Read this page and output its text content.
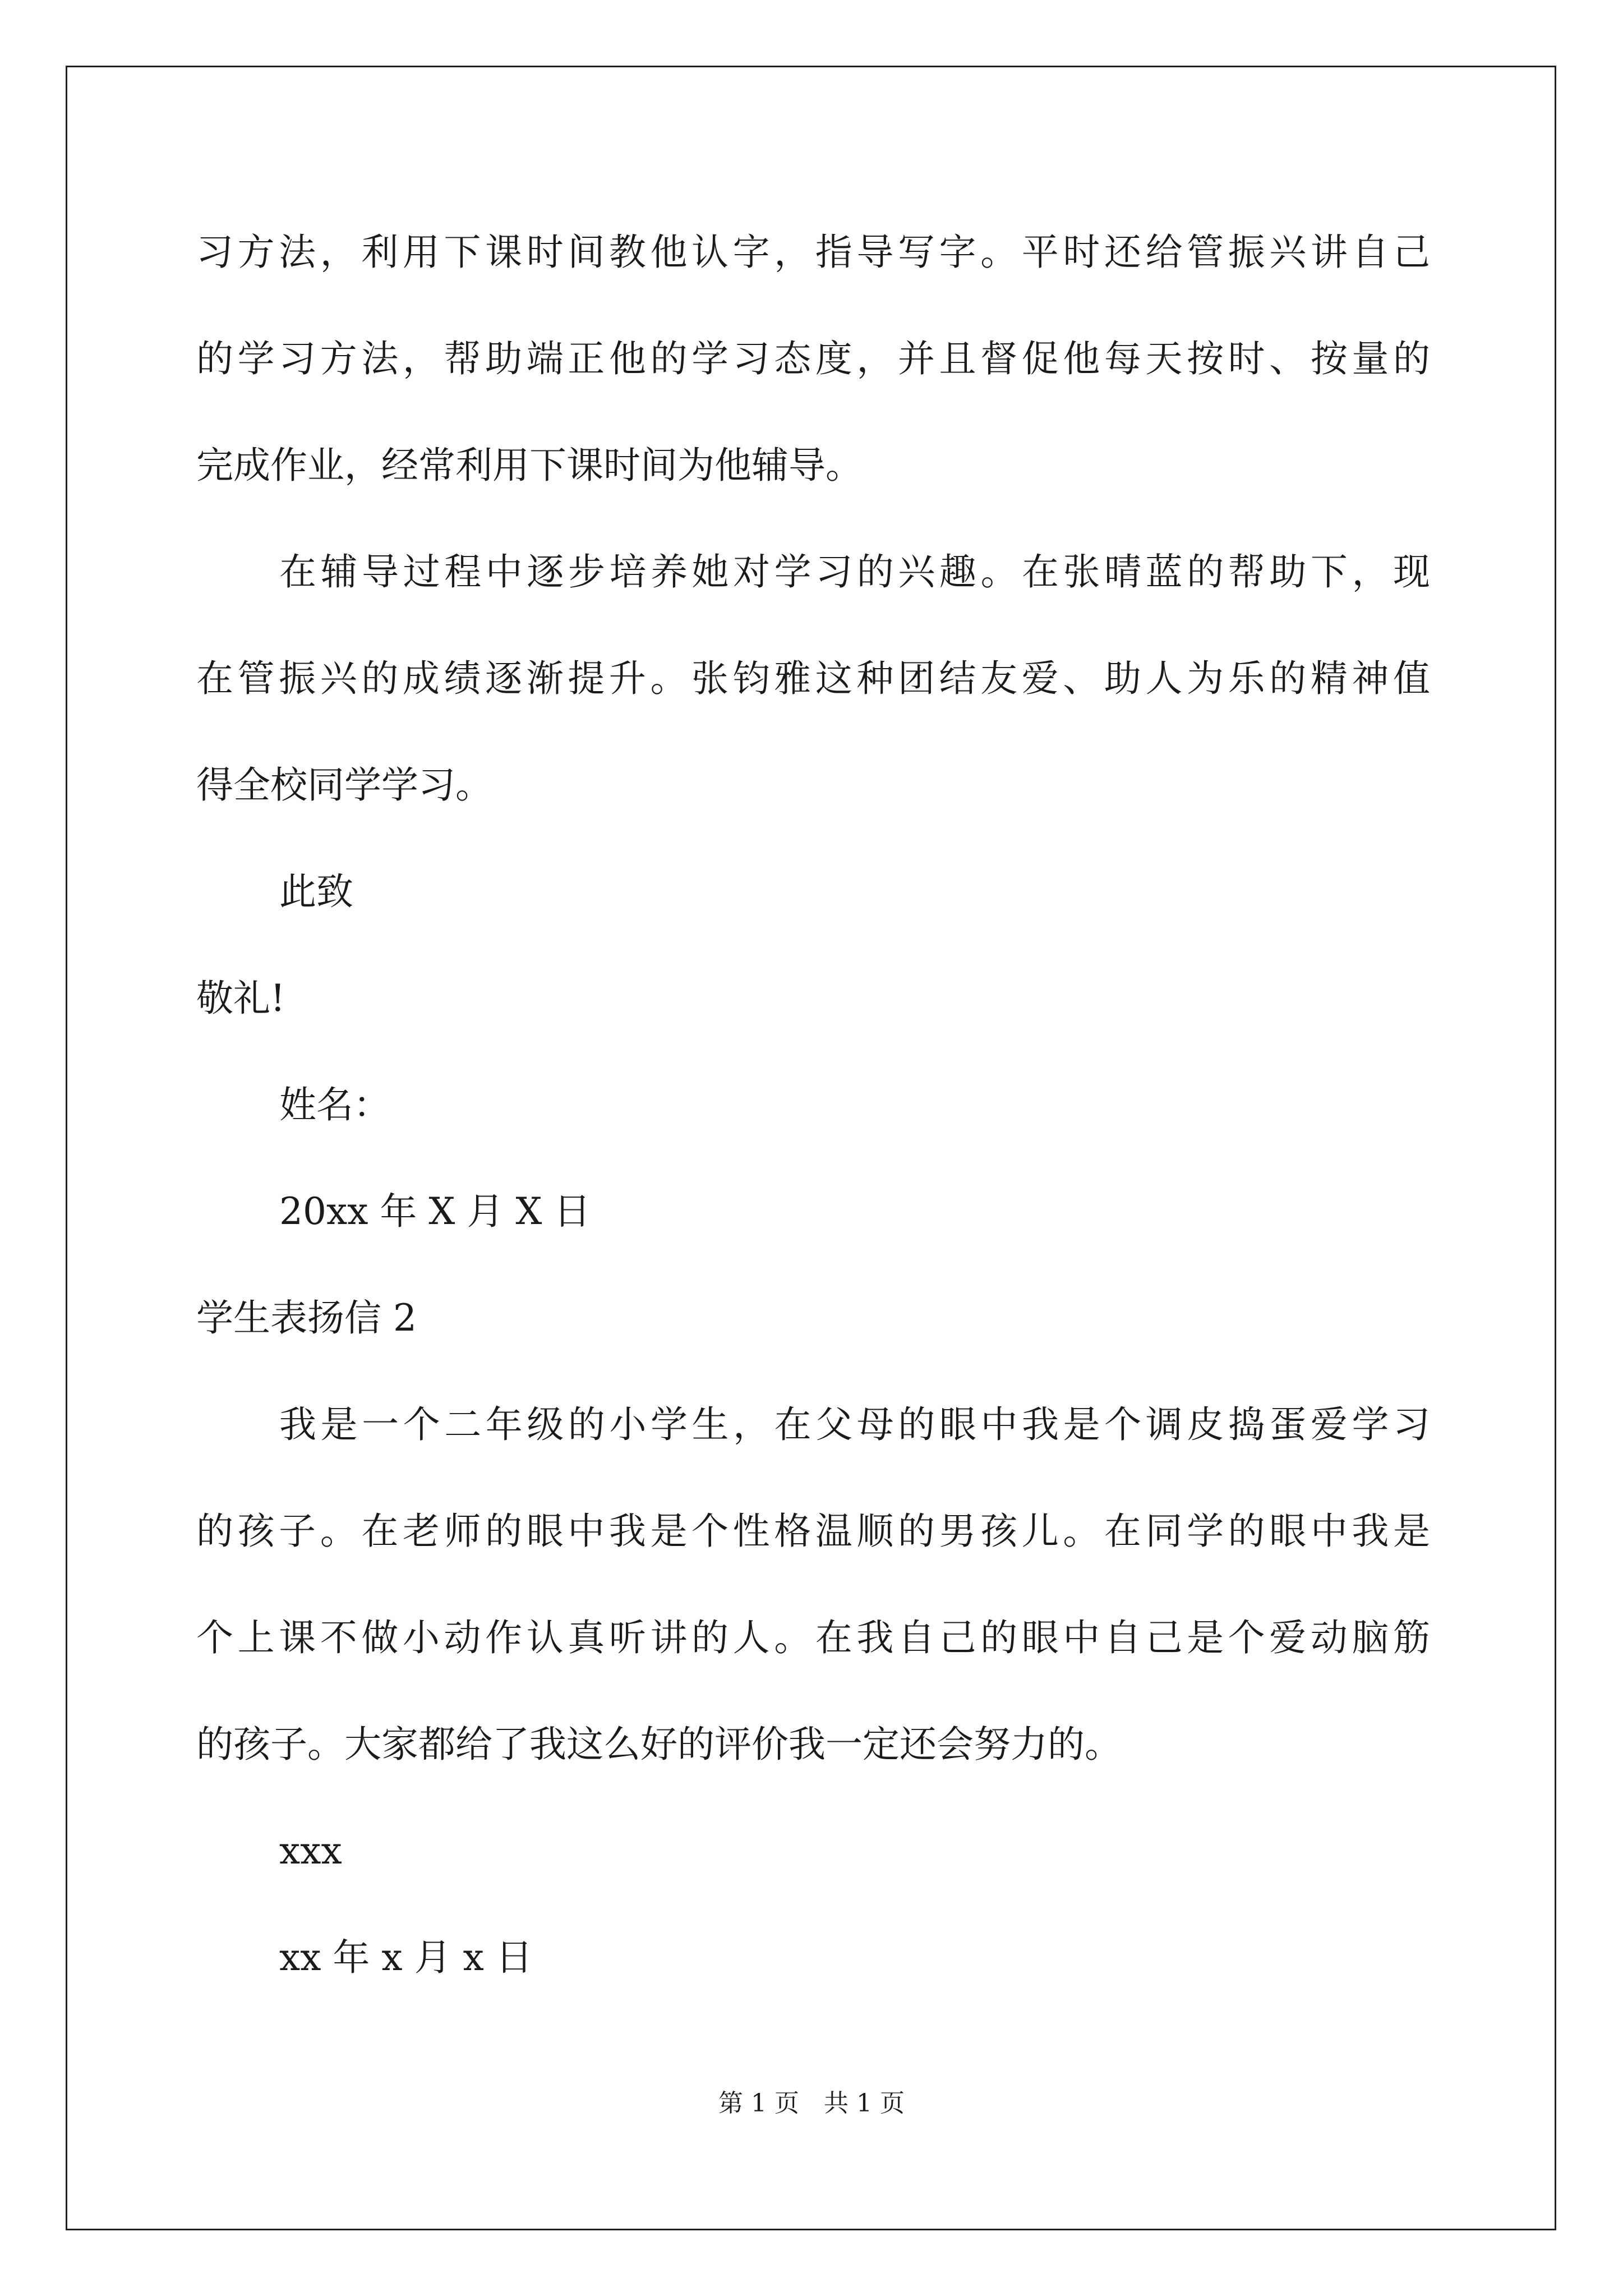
习方法，利用下课时间教他认字，指导写字。平时还给管振兴讲自己
的学习方法，帮助端正他的学习态度，并且督促他每天按时、按量的
完成作业，经常利用下课时间为他辅导。
在辅导过程中逐步培养她对学习的兴趣。在张晴蓝的帮助下，现
在管振兴的成绩逐渐提升。张钧雅这种团结友爱、助人为乐的精神值
得全校同学学习。
此致
敬礼!
姓名：
20xx 年 X 月 X 日
学生表扬信 2
我是一个二年级的小学生，在父母的眼中我是个调皮捣蛋爱学习
的孩子。在老师的眼中我是个性格温顺的男孩儿。在同学的眼中我是
个上课不做小动作认真听讲的人。在我自己的眼中自己是个爱动脑筋
的孩子。大家都给了我这么好的评价我一定还会努力的。
xxx
xx 年 x 月 x 日
第 1 页　共 1 页
